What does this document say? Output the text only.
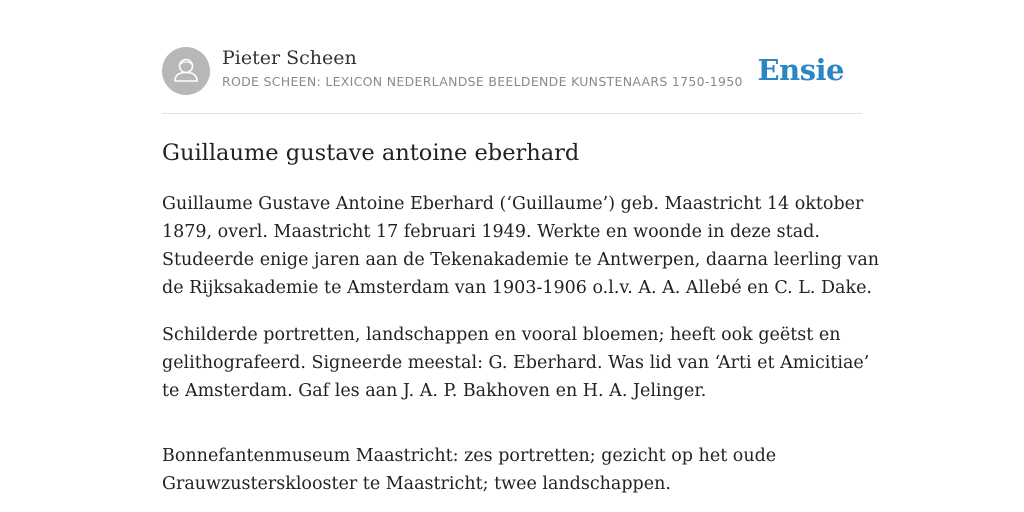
Pieter Scheen
RODE SCHEEN: LEXICON NEDERLANDSE BEELDENDE KUNSTENAARS 1750-1950 Ensie
Guillaume gustave antoine eberhard

Guillaume Gustave Antoine Eberhard (‘Guillaume’) geb. Maastricht 14 oktober
1879, overl. Maastricht 17 februari 1949. Werkte en woonde in deze stad.
Studeerde enige jaren aan de Tekenakademie te Antwerpen, daarna leerling van
de Rijksakademie te Amsterdam van 1903-1906 o.l.v. A. A. Allebé en C. L. Dake.

Schilderde portretten, landschappen en vooral bloemen; heeft ook geëtst en
gelithografeerd. Signeerde meestal: G. Eberhard. Was lid van ‘Arti et Amicitiae’
te Amsterdam. Gaf les aan J. A. P. Bakhoven en H. A. Jelinger.

Bonnefantenmuseum Maastricht: zes portretten; gezicht op het oude
Grauwzustersklooster te Maastricht; twee landschappen.
